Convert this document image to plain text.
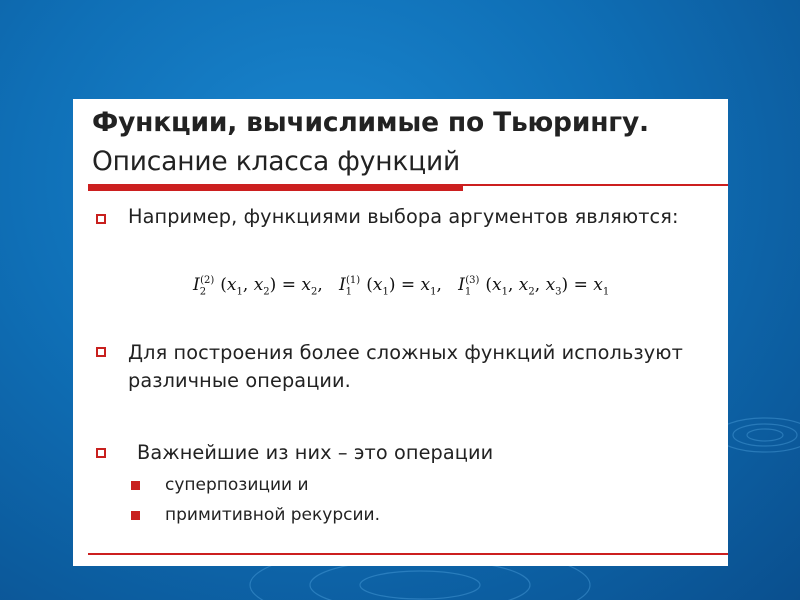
Функции, вычислимые по Тьюрингу. Описание класса функций
Например, функциями выбора аргументов являются:
$I_2^{(2)}$ ($x_1$, $x_2) = x_2$,   $I_1^{(1)}$ $(x_1) = x_1$,   $I_1^{(3)}$ ($x_1$, $x_2$, $x_3) = x_1$
Для построения более сложных функций используют различные операции.
Важнейшие из них – это операции
суперпозиции и
примитивной рекурсии.
